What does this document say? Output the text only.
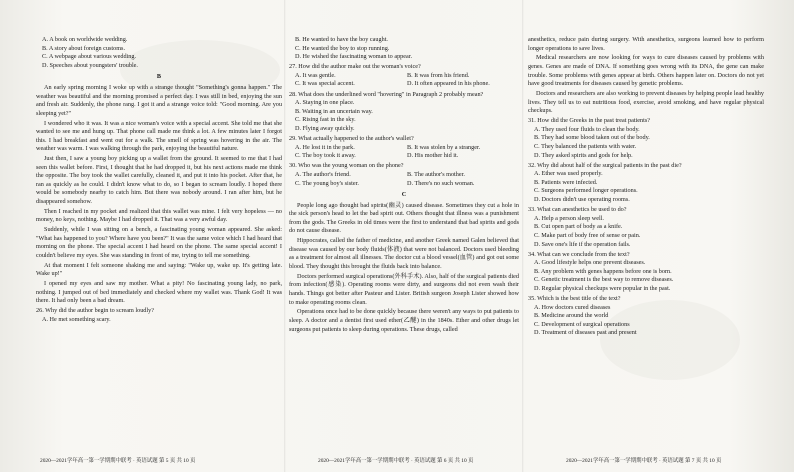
A. A book on worldwide wedding.

B. A story about foreign customs.

C. A webpage about various wedding.

D. Speeches about youngsters' trouble.

B

An early spring morning I woke up with a strange thought "Something's gonna happen." The weather was beautiful and the morning promised a perfect day. I was still in bed, enjoying the sun and fresh air. Suddenly, the phone rang. I got it and a strange voice told: "Good morning. Are you sleeping yet?"

I wondered who it was. It was a nice woman's voice with a special accent. She told me that she wanted to see me and hung up. That phone call made me think a lot. A few minutes later I forgot this. I had breakfast and went out for a walk. The smell of spring was hovering in the air. The weather was warm. I was walking through the park, enjoying the beautiful nature.

Just then, I saw a young boy picking up a wallet from the ground. It seemed to me that I had seen this wallet before. First, I thought that he had dropped it, but his next actions made me think the opposite. The boy took the wallet carefully, cleaned it, and put it into his pocket. After that, he ran as quickly as he could. I didn't know what to do, so I began to scream loudly. I hoped there would be somebody nearby to catch him. But there was nobody around. I ran after him, but he disappeared somehow.

Then I reached in my pocket and realized that this wallet was mine. I felt very hopeless — no money, no keys, nothing. Maybe I had dropped it. That was a very awful day.

Suddenly, while I was sitting on a bench, a fascinating young woman appeared. She asked: "What has happened to you? Where have you been?" It was the same voice which I had heard that morning on the phone. The special accent I had heard on the phone. The same special accent! I couldn't believe my eyes. She was standing in front of me, trying to tell me something.

At that moment I felt someone shaking me and saying: "Wake up, wake up. It's getting late. Wake up!"

I opened my eyes and saw my mother. What a pity! No fascinating young lady, no park, nothing. I jumped out of bed immediately and checked where my wallet was. Thank God! It was there. It had only been a bad dream.

26. Why did the author begin to scream loudly?

A. He met something scary.

B. He wanted to have the boy caught.

C. He wanted the boy to stop running.

D. He wished the fascinating woman to appear.

27. How did the author make out the woman's voice?

A. It was gentle.	B. It was from his friend.
C. It was special accent.	D. It often appeared in his phone.

28. What does the underlined word "hovering" in Paragraph 2 probably mean?

A. Staying in one place.

B. Waiting in an uncertain way.

C. Rising fast in the sky.

D. Flying away quickly.

29. What actually happened to the author's wallet?

A. He lost it in the park.	B. It was stolen by a stranger.
C. The boy took it away.	D. His mother hid it.

30. Who was the young woman on the phone?

A. The author's friend.	B. The author's mother.
C. The young boy's sister.	D. There's no such woman.

C

People long ago thought bad spirits(幽灵) caused disease. Sometimes they cut a hole in the sick person's head to let the bad spirit out. Others thought that illness was a punishment from the gods. The Greeks in old times were the first to understand that bad spirits and gods do not cause disease.

Hippocrates, called the father of medicine, and another Greek named Galen believed that disease was caused by our body fluids(体液) that were not balanced. Doctors used bleeding as a treatment for almost all illnesses. The doctor cut a blood vessel(血管) and got out some blood. They thought this brought the fluids back into balance.

Doctors performed surgical operations(外科手术). Also, half of the surgical patients died from infection(感染). Operating rooms were dirty, and surgeons did not even wash their hands. Things got better after Pasteur and Lister. British surgeon Joseph Lister showed how to make operating rooms clean.

Operations once had to be done quickly because there weren't any ways to put patients to sleep. A doctor and a dentist first used ether(乙醚) in the 1840s. Ether and other drugs let surgeons put patients to sleep during operations. These drugs, called

anesthetics, reduce pain during surgery. With anesthetics, surgeons learned how to perform longer operations to save lives.

Medical researchers are now looking for ways to cure diseases caused by problems with genes. Genes are made of DNA. If something goes wrong with its DNA, the gene can make trouble. Some problems with genes appear at birth. Others happen later on. Doctors do not yet have good treatments for diseases caused by genetic problems.

Doctors and researchers are also working to prevent diseases by helping people lead healthy lives. They tell us to eat nutritious food, exercise, avoid smoking, and have regular physical checkups.

31. How did the Greeks in the past treat patients?

A. They used four fluids to clean the body.

B. They had some blood taken out of the body.

C. They balanced the patients with water.

D. They asked spirits and gods for help.

32. Why did about half of the surgical patients in the past die?

A. Ether was used properly.

B. Patients were infected.

C. Surgeons performed longer operations.

D. Doctors didn't use operating rooms.

33. What can anesthetics be used to do?

A. Help a person sleep well.

B. Cut open part of body as a knife.

C. Make part of body free of sense or pain.

D. Save one's life if the operation fails.

34. What can we conclude from the text?

A. Good lifestyle helps one prevent diseases.

B. Any problem with genes happens before one is born.

C. Genetic treatment is the best way to remove diseases.

D. Regular physical checkups were popular in the past.

35. Which is the best title of the text?

A. How doctors cured diseases

B. Medicine around the world

C. Development of surgical operations

D. Treatment of diseases past and present

2020—2021学年高一第一学期期中联考 · 英语试题 第 5 页 共 10 页	2020—2021学年高一第一学期期中联考 · 英语试题 第 6 页 共 10 页	2020—2021学年高一第一学期期中联考 · 英语试题 第 7 页 共 10 页
